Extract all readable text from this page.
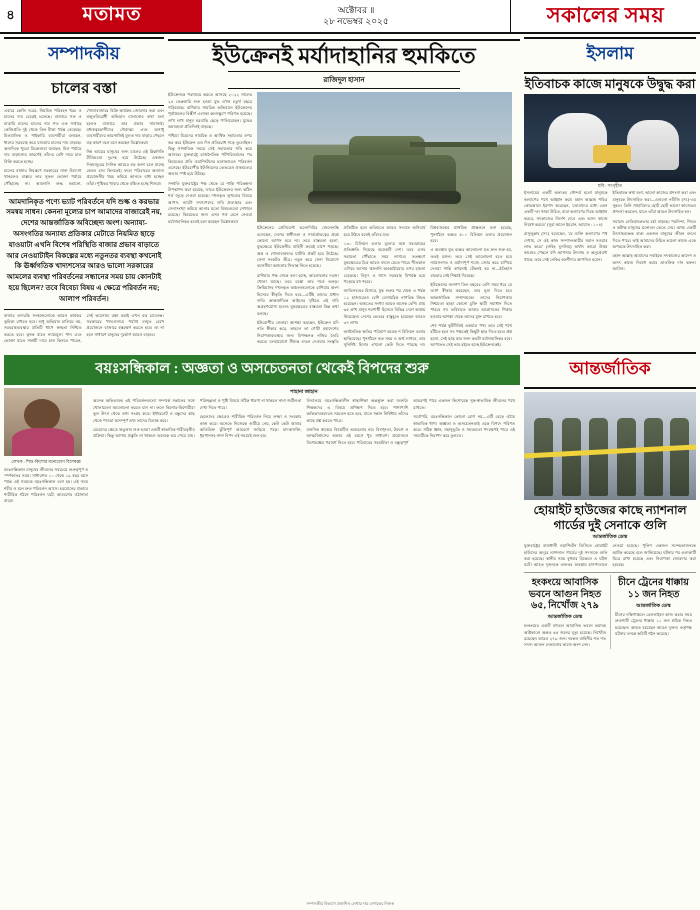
৪	মতামত	অক্টোবর ॥
২৮ নভেম্বর ২০২৫	সকালের সময়
সম্পাদকীয়
চালের বস্তা

এবারে কেজি দরের, নিয়মিত পরিবহন খরচ ও চালের দাম বেড়েই চলেছে। বাজারে সরু ও মাঝারি মানের চালের দাম গত এক সপ্তাহে কেজিপ্রতি দুই থেকে তিন টাকা পর্যন্ত বেড়েছে। মিলমালিক ও পাইকারি ব্যবসায়ীরা বলছেন, ধানের সরবরাহ কমে যাওয়ায় চালের দাম বাড়ছে। অন্যদিকে খুচরা বিক্রেতারা বলছেন, মিল পর্যায়ে দাম বাড়ানোর কারণেই তাঁদের বেশি দামে চাল বিক্রি করতে হচ্ছে।

চালের বাজার নিয়ন্ত্রণে সরকারের নানা উদ্যোগ থাকলেও বাস্তবে তার সুফল ভোক্তা পর্যায়ে পৌঁছাচ্ছে না। আমদানি শুল্ক কমানো, খোলাবাজারে বিক্রি কার্যক্রম জোরদার করা এবং মজুতবিরোধী অভিযান চালানোর কথা বলা হলেও বাজারে তার প্রভাব সামান্যই। মধ্যস্বত্বভোগীদের দৌরাত্ম্য এবং অসাধু ব্যবসায়ীদের কারসাজিই মূলত দাম বাড়ার পেছনে বড় কারণ বলে মনে করছেন বিশ্লেষকরা।

নিম্ন আয়ের মানুষের জন্য চালের এই ঊর্ধ্বগতি রীতিমতো দুঃসহ হয়ে উঠেছে। একজন দিনমজুরের দৈনিক আয়ের বড় অংশ চলে যাচ্ছে কেবল চাল কিনতেই। ফলে পরিবারের অন্যান্য প্রয়োজনীয় খরচ কমিয়ে আনতে বাধ্য হচ্ছেন তাঁরা। পুষ্টিকর খাবার থেকে বঞ্চিত হচ্ছে শিশুরা।

আমদানিকৃত পণ্যে ভ্যাট পরিবর্তনে যদি শুল্ক ও করভার সমন্বয় সাধন। কেননা মূল্যের চাপ আমাদের বাজারেই নয়, দেশের আন্তর্জাতিক অবিচ্ছেদ্য অংশ। অন্যায্য-অসংগতির অন্যায্য প্রতিকার মেটাতে নিয়মিত ছাড়ে যাওয়াটা এখনি বিশেষ পরিস্থিতি বাজার প্রভাব বাড়াতে আর নেওয়াটাইন বিকল্পের মধ্যে নতুনতর ব্যবস্থা কখনোই কি ঊর্ধ্বগতিক খাদ্যশস্যের আরও ভালো সরকারের আমলের ব্যবস্থা পরিবর্তনের সন্ধানের সময় চায় কোনটাই হয়ে ছিলেন? তবে বিবেচ্য বিষয় এ ক্ষেত্রে পরিবর্তন নয়; আলাপ পরিবর্তন।

বাজার তদারকি সংস্থাগুলোকে আরও কার্যকর ভূমিকা রাখতে হবে। শুধু অভিযান চালিয়ে নয়, সরবরাহব্যবস্থার প্রতিটি ধাপে স্বচ্ছতা নিশ্চিত করতে হবে। কৃষক যাতে ন্যায্যমূল্য পান এবং ভোক্তা যাতে সাশ্রয়ী দামে চাল কিনতে পারেন, সেই ভারসাম্য রক্ষা করাই এখন বড় চ্যালেঞ্জ। সরকারের খাদ্যগুদামে পর্যাপ্ত মজুত রেখে প্রয়োজনে বাজারে হস্তক্ষেপ করতে হবে। তা না হলে সাধারণ মানুষের দুর্ভোগ আরও বাড়বে।

ইউক্রেনই মর্যাদাহানির হুমকিতে
রাজিদুল হাসান

ইউক্রেনকে পরাজয়ে করতে আসছে ২০২২ সালের ২৪ ফেব্রুয়ারি শুরু হওয়া যুদ্ধ এখন চতুর্থ বছরে গড়িয়েছে। রাশিয়ার সামরিক অভিযানে ইউক্রেনের পূর্বাঞ্চলের বিস্তীর্ণ এলাকা ধ্বংসস্তূপে পরিণত হয়েছে। লাখ লাখ মানুষ ঘরবাড়ি ছেড়ে পালিয়েছেন। যুদ্ধের ভয়াবহতা প্রতিদিনই বাড়ছে।

পশ্চিমা মিত্রদের সামরিক ও আর্থিক সহায়তার ওপর ভর করে ইউক্রেন এত দিন প্রতিরোধ গড়ে তুলেছিল। কিন্তু সাম্প্রতিক সময়ে সেই সহায়তার গতি কমে আসছে। যুক্তরাষ্ট্রে রাজনৈতিক পটপরিবর্তনের পর কিয়েভের প্রতি ওয়াশিংটনের মনোভাবেও পরিবর্তন এসেছে। ইউরোপীয় ইউনিয়নের ভেতরেও ঐকমত্যের অভাব স্পষ্ট হয়ে উঠছে।

সম্প্রতি যুক্তরাষ্ট্রের পক্ষ থেকে যে শান্তি পরিকল্পনা উপস্থাপন করা হয়েছে, তাতে ইউক্রেনের জন্য কঠিন শর্ত জুড়ে দেওয়া হয়েছে। দখলকৃত ভূখণ্ডের বিষয়ে আপস, ন্যাটো সদস্যপদের দাবি প্রত্যাহার এবং সেনাসংখ্যা কমিয়ে আনার মতো বিষয়গুলো সেখানে রয়েছে। কিয়েভের জন্য এসব শর্ত মেনে নেওয়া মর্যাদাহানিকর বলেই মনে করছেন বিশ্লেষকরা।

ইউক্রেনের প্রেসিডেন্ট ভলোদিমির জেলেনস্কি বলেছেন, দেশের স্বাধীনতা ও সার্বভৌমত্বের প্রশ্নে কোনো আপস হবে না। তবে বাস্তবতা হলো, যুদ্ধক্ষেত্রে ইউক্রেনীয় বাহিনী ক্রমেই চাপে পড়ছে। অস্ত্র ও গোলাবারুদের ঘাটতি প্রকট হয়ে উঠেছে। সেনা সংকটও তীব্র। নতুন করে সেনা নিয়োগে বয়সসীমা কমানোর সিদ্ধান্ত নিতে হয়েছে।

রাশিয়ার পক্ষ থেকে বলা হচ্ছে, আলোচনার দরজা খোলা আছে। তবে মস্কো তার শর্তে অনড়। ক্রিমিয়াসহ দখলকৃত অঞ্চলগুলোকে রাশিয়ার অংশ হিসেবে স্বীকৃতি দিতে হবে—এটিই তাদের প্রধান দাবি। আন্তর্জাতিক আইনের দৃষ্টিতে এই দাবি অগ্রহণযোগ্য হলেও যুদ্ধক্ষেত্রের বাস্তবতা ভিন্ন কথা বলছে।

ইউরোপীয় নেতারা আশঙ্কা করছেন, ইউক্রেন যদি নতি স্বীকার করে, তাহলে তা গোটা মহাদেশের নিরাপত্তাব্যবস্থার জন্য বিপজ্জনক নজির তৈরি করবে। বলপ্রয়োগে সীমান্ত বদলে দেওয়ার সংস্কৃতি প্রতিষ্ঠিত হলে ভবিষ্যতে আরও সংঘাত অনিবার্য হয়ে উঠবে বলেই তাঁদের মত।

১৩০ মিলিয়ন ডলার মূল্যের অস্ত্র সরবরাহের প্রতিশ্রুতি দিয়েছে কয়েকটি দেশ। তবে এসব সহায়তা পৌঁছাতে সময় লাগবে। ততক্ষণে যুদ্ধক্ষেত্রের চিত্র আরও বদলে যেতে পারে। শীতকাল এগিয়ে আসায় জ্বালানি অবকাঠামোর ওপর হামলা বেড়েছে। বিদ্যুৎ ও গ্যাস সরবরাহ বিপর্যস্ত হয়ে পড়েছে বহু শহরে।

জাতিসংঘের হিসাবে, যুদ্ধ শুরুর পর থেকে এ পর্যন্ত ১২ হাজারেরও বেশি বেসামরিক নাগরিক নিহত হয়েছেন। আহতের সংখ্যা আরও অনেক বেশি। প্রায় ৬৫ লাখ মানুষ শরণার্থী হিসেবে বিভিন্ন দেশে আশ্রয় নিয়েছেন। দেশের ভেতরে বাস্তুচ্যুত হয়েছেন আরও ৩৭ লাখ।

অর্থনৈতিক ক্ষতির পরিমাণ কয়েক শ বিলিয়ন ডলার ছাড়িয়েছে। পুনর্গঠনে কত সময় ও অর্থ লাগবে, তার সুনির্দিষ্ট হিসাব এখনো কেউ দিতে পারছে না। বিশ্বব্যাংকের প্রাথমিক প্রাক্কলনে বলা হয়েছে, পুনর্গঠনে অন্তত ৫০০ বিলিয়ন ডলার প্রয়োজন হবে।

এ অবস্থায় যুদ্ধ বন্ধের আলোচনা যত দ্রুত শুরু হয়, ততই মঙ্গল। তবে সেই আলোচনা হতে হবে ন্যায়সংগত ও মর্যাদাপূর্ণ শর্তে। জোর করে চাপিয়ে দেওয়া শান্তি কখনোই টেকসই হয় না—ইতিহাস বারবার সেই শিক্ষাই দিয়েছে।

ইউক্রেনের জনগণ তিন বছরের বেশি সময় ধরে যে ত্যাগ স্বীকার করেছেন, তার মূল্য দিতে হবে আন্তর্জাতিক সম্প্রদায়কে। তাদের নিরাপত্তার নিশ্চয়তা ছাড়া কোনো চুক্তি স্থায়ী সমাধান দিতে পারবে না। ভবিষ্যতে আবার আগ্রাসনের শিকার হওয়ার আশঙ্কা থেকে তাদের মুক্ত রাখতে হবে।

শেষ পর্যন্ত কূটনীতিই একমাত্র পথ। তবে সেই পথে হাঁটতে হলে সব পক্ষকেই কিছুটা ছাড় দিতে হবে। প্রশ্ন হলো, সেই ছাড় কার জন্য কতটা মর্যাদাহানিকর হবে। আপাতত সেই ভার বইতে হচ্ছে ইউক্রেনকেই।

ইসলাম
ইতিবাচক কাজে মানুষকে উদ্বুদ্ধ করা
ছবি : সংগৃহীত

ইসলামের একটি অন্যতম সৌন্দর্য হলো মানুষকে কল্যাণের পথে আহ্বান করা। মহান আল্লাহ পবিত্র কোরআনে ইরশাদ করেছেন, 'তোমাদের মধ্যে এমন একটি দল থাকা উচিত, যারা কল্যাণের দিকে আহ্বান করবে, সৎকাজের নির্দেশ দেবে এবং অসৎ কাজে নিষেধ করবে।' (সুরা আলে ইমরান, আয়াত : ১০৪)

রাসুলুল্লাহ (সা.) বলেছেন, 'যে ব্যক্তি কল্যাণের পথ দেখায়, সে ওই কাজ সম্পাদনকারীর সমান সওয়াব লাভ করে।' (সহিহ মুসলিম) অর্থাৎ কারো উত্তম কাজের পেছনে যদি আপনার উৎসাহ ও অনুপ্রেরণা থাকে, তবে সেই নেকির অংশীদার আপনিও হবেন।

ইতিবাচক কথা বলা, ভালো কাজের প্রশংসা করা এবং মানুষকে উৎসাহিত করা—এগুলো নবীজি (সা.)-এর সুন্নত। তিনি সাহাবিদের ছোট ছোট ভালো কাজেরও প্রশংসা করতেন, যাতে তাঁরা আরও উৎসাহিত হন।

সমাজে নেতিবাচকতার চর্চা বাড়ছে। পরনিন্দা, গিবত ও কটাক্ষ মানুষের মনোবল ভেঙে দেয়। অথচ একটি উৎসাহব্যঞ্জক বাক্য একজন মানুষের জীবন বদলে দিতে পারে। তাই আমাদের উচিত ভালো কাজে একে অপরকে উৎসাহিত করা।

মহান আল্লাহ আমাদের সবাইকে সৎকাজের আদেশ ও অসৎ কাজে নিষেধ করার তাওফিক দান করুন। আমিন।

বয়ঃসন্ধিকাল : অজ্ঞতা ও অসচেতনতা থেকেই বিপদের শুরু
লেখক : শিশু-কিশোর মনোরোগ বিশেষজ্ঞ

বয়ঃসন্ধিকাল মানুষের জীবনের সবচেয়ে গুরুত্বপূর্ণ ও স্পর্শকাতর সময়। সাধারণত ১০ থেকে ১৯ বছর বয়স পর্যন্ত এই সময়কে বয়ঃসন্ধিকাল বলা হয়। এই সময় শরীর ও মনে দ্রুত পরিবর্তন আসে। হরমোনের প্রভাবে শারীরিক গঠনে পরিবর্তন ঘটে, আবেগের ওঠানামা বাড়ে।

শাহানা জাহান

অনেক অভিভাবক এই পরিবর্তনগুলো সম্পর্কে সন্তানের সঙ্গে খোলামেলা আলোচনা করতে চান না। ফলে কিশোর-কিশোরীরা ভুল উৎস থেকে তথ্য সংগ্রহ করে। ইন্টারনেট ও বন্ধুদের কাছ থেকে পাওয়া অসম্পূর্ণ তথ্য তাদের বিভ্রান্ত করে।

মেয়েদের ক্ষেত্রে ঋতুস্রাব শুরু হওয়া একটি স্বাভাবিক শারীরবৃত্তীয় প্রক্রিয়া। কিন্তু আগাম প্রস্তুতি না থাকলে অনেকে ভয় পেয়ে যায়। পরিচ্ছন্নতা ও পুষ্টি বিষয়ে সঠিক ধারণা না থাকলে নানা জটিলতা দেখা দিতে পারে।

ছেলেদের ক্ষেত্রেও শারীরিক পরিবর্তন নিয়ে লজ্জা ও সংকোচ কাজ করে। অনেকে নিজেকে গুটিয়ে নেয়, কেউ কেউ আবার অতিরিক্ত ঝুঁকিপূর্ণ আচরণে জড়িয়ে পড়ে। মাদকাসক্তি, ধূমপানসহ নানা বিপদ এই সময়েই শুরু হয়।

বিদ্যালয়ে বয়ঃসন্ধিকালীন স্বাস্থ্যশিক্ষা অন্তর্ভুক্ত করা জরুরি। শিক্ষকদের এ বিষয়ে প্রশিক্ষণ দিতে হবে। পাশাপাশি অভিভাবকদেরও সচেতন হতে হবে, যাতে সন্তান নির্দ্বিধায় তাঁদের কাছে প্রশ্ন করতে পারে।

মানসিক স্বাস্থ্যের বিষয়টিও অবহেলার নয়। বিষণ্নতা, উদ্বেগ ও আত্মবিশ্বাসের অভাব এই বয়সে খুব সাধারণ। প্রয়োজনে বিশেষজ্ঞের পরামর্শ নিতে হবে। পরিবারের সহমর্মিতা ও বন্ধুত্বপূর্ণ আচরণই পারে একজন কিশোরকে সুস্থ-স্বাভাবিক জীবনের পথে রাখতে।

সর্বোপরি, বয়ঃসন্ধিকাল কোনো রোগ নয়—এটি বেড়ে ওঠার স্বাভাবিক ধাপ। অজ্ঞতা ও অসচেতনতাই একে বিপদে পরিণত করে। সঠিক জ্ঞান, সহানুভূতি ও সময়মতো পদক্ষেপই পারে এই সময়টিকে নিরাপদ করে তুলতে।

আন্তর্জাতিক
হোয়াইট হাউজের কাছে ন্যাশনাল গার্ডের দুই সেনাকে গুলি
আন্তর্জাতিক ডেস্ক

যুক্তরাষ্ট্রের রাজধানী ওয়াশিংটন ডিসিতে হোয়াইট হাউসের অদূরে ন্যাশনাল গার্ডের দুই সদস্যকে গুলি করা হয়েছে। স্থানীয় সময় বুধবার বিকেলে এ ঘটনা ঘটে। আহত দুজনকে গুরুতর অবস্থায় হাসপাতালে নেওয়া হয়েছে। পুলিশ একজন সন্দেহভাজনকে আটক করেছে বলে জানিয়েছে। ঘটনার পর এলাকাটি ঘিরে রাখা হয়েছে এবং নিরাপত্তা জোরদার করা হয়েছে।

হংকংয়ে আবাসিক ভবনে আগুন নিহত ৬৫, নিখোঁজ ২৭৯
আন্তর্জাতিক ডেস্ক
হংকংয়ের একটি বহুতল আবাসিক ভবনে ভয়াবহ অগ্নিকাণ্ডে অন্তত ৬৫ জনের মৃত্যু হয়েছে। নিখোঁজ রয়েছেন আরও ২৭৯ জন। দমকল বাহিনীর শত শত সদস্য আগুন নেভানোর কাজে অংশ নেন।
চীনে ট্রেনের ধাক্কায় ১১ জন নিহত
আন্তর্জাতিক ডেস্ক
চীনের দক্ষিণাঞ্চলে রেললাইনে কাজ করার সময় দ্রুতগামী ট্রেনের ধাক্কায় ১১ জন শ্রমিক নিহত হয়েছেন। আহত হয়েছেন আরও দুজন। কর্তৃপক্ষ ঘটনার তদন্তে কমিটি গঠন করেছে।
সম্পাদকীয় বিভাগে প্রকাশিত লেখার দায় লেখকের নিজস্ব
